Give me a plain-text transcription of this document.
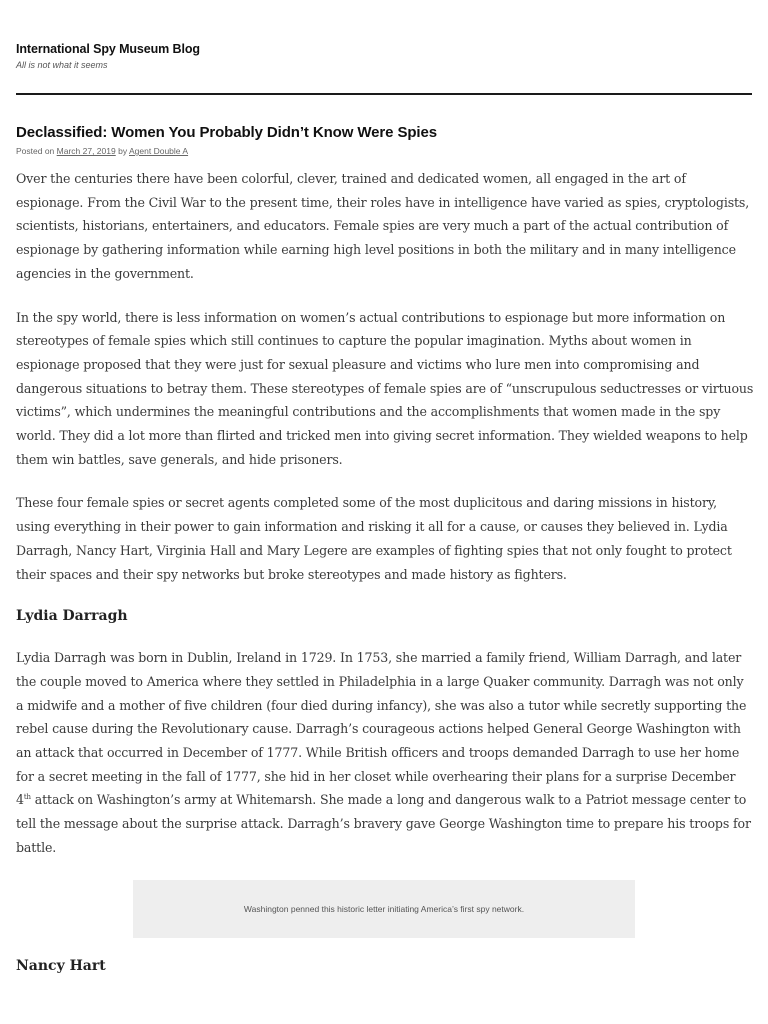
International Spy Museum Blog

All is not what it seems

Declassified: Women You Probably Didn’t Know Were Spies
Posted on March 27, 2019 by Agent Double A

Over the centuries there have been colorful, clever, trained and dedicated women, all engaged in the art of espionage. From the Civil War to the present time, their roles have in intelligence have varied as spies, cryptologists, scientists, historians, entertainers, and educators. Female spies are very much a part of the actual contribution of espionage by gathering information while earning high level positions in both the military and in many intelligence agencies in the government.

In the spy world, there is less information on women’s actual contributions to espionage but more information on stereotypes of female spies which still continues to capture the popular imagination. Myths about women in espionage proposed that they were just for sexual pleasure and victims who lure men into compromising and dangerous situations to betray them. These stereotypes of female spies are of “unscrupulous seductresses or virtuous victims”, which undermines the meaningful contributions and the accomplishments that women made in the spy world. They did a lot more than flirted and tricked men into giving secret information. They wielded weapons to help them win battles, save generals, and hide prisoners.

These four female spies or secret agents completed some of the most duplicitous and daring missions in history, using everything in their power to gain information and risking it all for a cause, or causes they believed in. Lydia Darragh, Nancy Hart, Virginia Hall and Mary Legere are examples of fighting spies that not only fought to protect their spaces and their spy networks but broke stereotypes and made history as fighters.

Lydia Darragh

Lydia Darragh was born in Dublin, Ireland in 1729. In 1753, she married a family friend, William Darragh, and later the couple moved to America where they settled in Philadelphia in a large Quaker community. Darragh was not only a midwife and a mother of five children (four died during infancy), she was also a tutor while secretly supporting the rebel cause during the Revolutionary cause. Darragh’s courageous actions helped General George Washington with an attack that occurred in December of 1777. While British officers and troops demanded Darragh to use her home for a secret meeting in the fall of 1777, she hid in her closet while overhearing their plans for a surprise December 4th attack on Washington’s army at Whitemarsh. She made a long and dangerous walk to a Patriot message center to tell the message about the surprise attack. Darragh’s bravery gave George Washington time to prepare his troops for battle.

Washington penned this historic letter initiating America’s first spy network.
Nancy Hart
